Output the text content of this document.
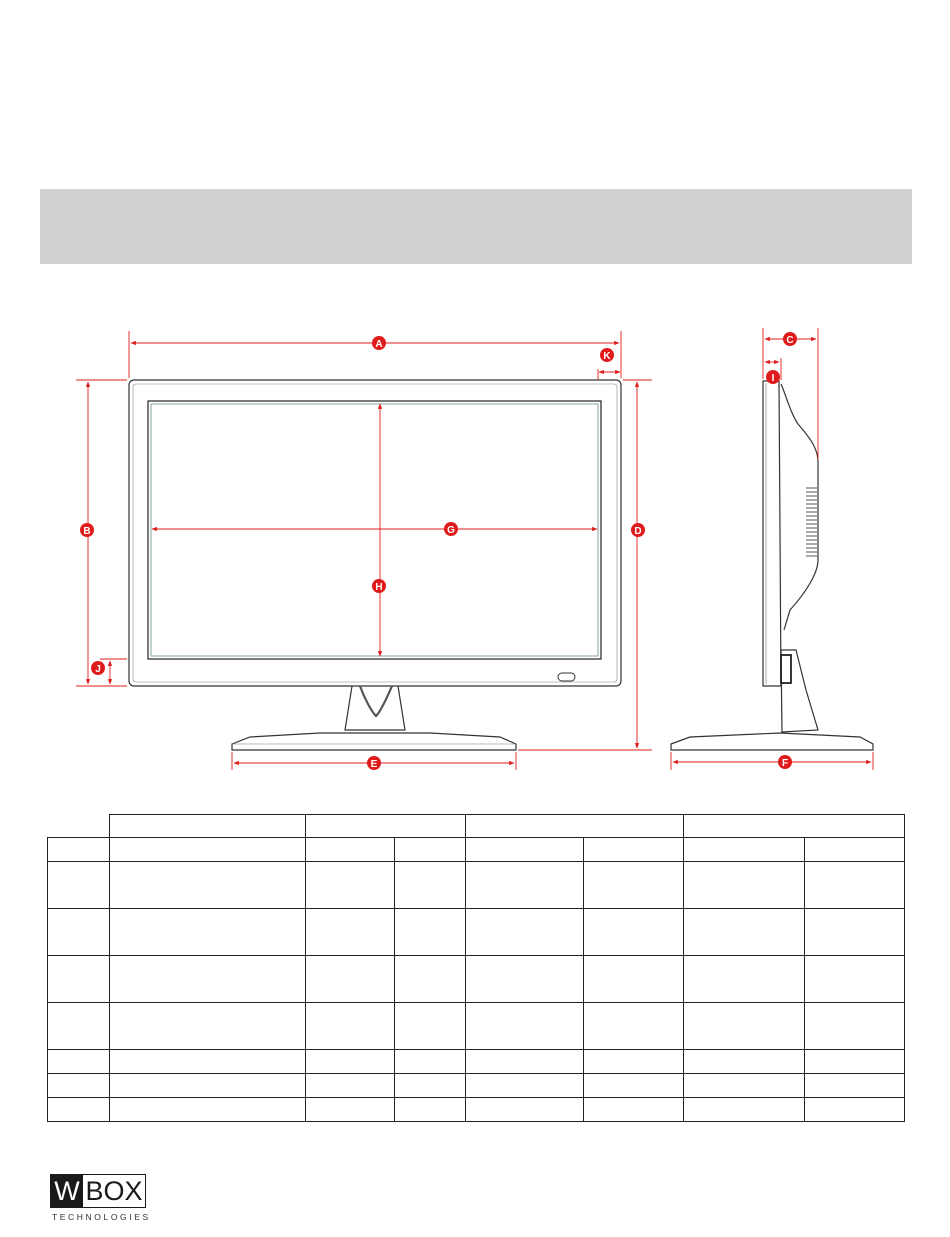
A
K
B
J
D
G
H
E	F
C
I

W BOX
TECHNOLOGIES
